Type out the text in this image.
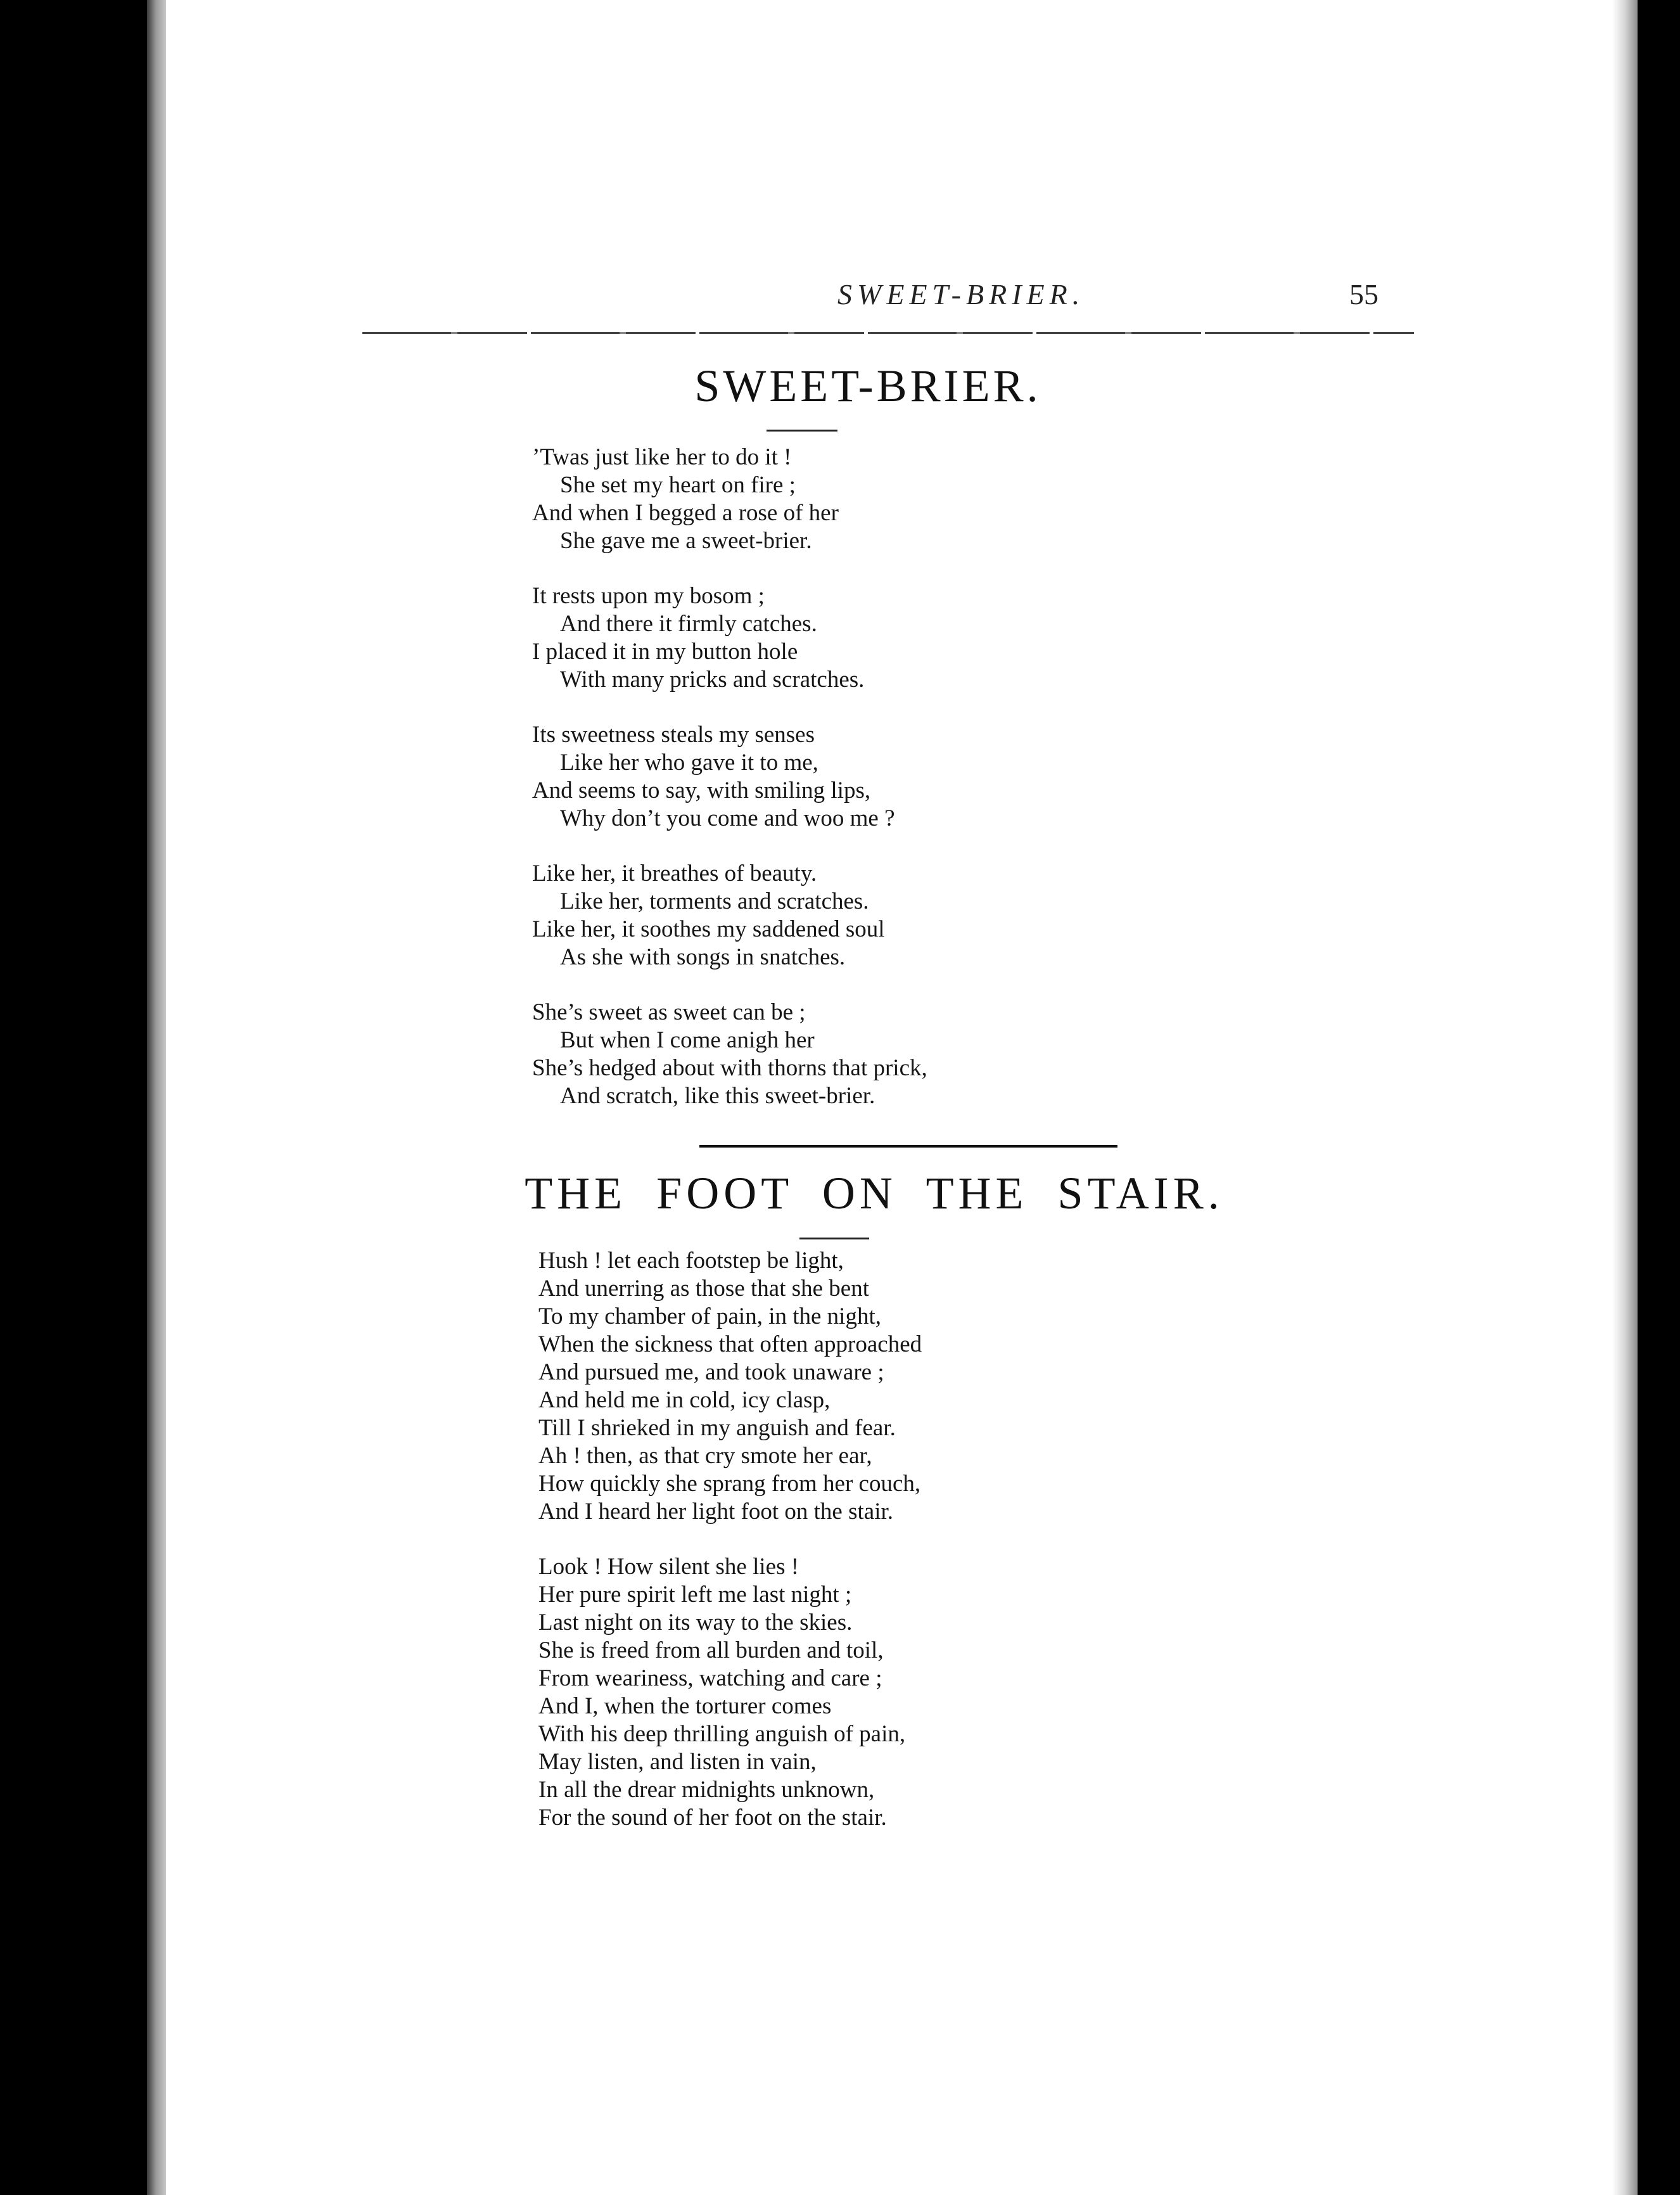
SWEET-BRIER.	55
SWEET-BRIER.
’Twas just like her to do it !
She set my heart on fire ;
And when I begged a rose of her
She gave me a sweet-brier.
It rests upon my bosom ;
And there it firmly catches.
I placed it in my button hole
With many pricks and scratches.
Its sweetness steals my senses
Like her who gave it to me,
And seems to say, with smiling lips,
Why don’t you come and woo me ?
Like her, it breathes of beauty.
Like her, torments and scratches.
Like her, it soothes my saddened soul
As she with songs in snatches.
She’s sweet as sweet can be ;
But when I come anigh her
She’s hedged about with thorns that prick,
And scratch, like this sweet-brier.
THE FOOT ON THE STAIR.
Hush ! let each footstep be light,
And unerring as those that she bent
To my chamber of pain, in the night,
When the sickness that often approached
And pursued me, and took unaware ;
And held me in cold, icy clasp,
Till I shrieked in my anguish and fear.
Ah ! then, as that cry smote her ear,
How quickly she sprang from her couch,
And I heard her light foot on the stair.
Look ! How silent she lies !
Her pure spirit left me last night ;
Last night on its way to the skies.
She is freed from all burden and toil,
From weariness, watching and care ;
And I, when the torturer comes
With his deep thrilling anguish of pain,
May listen, and listen in vain,
In all the drear midnights unknown,
For the sound of her foot on the stair.
